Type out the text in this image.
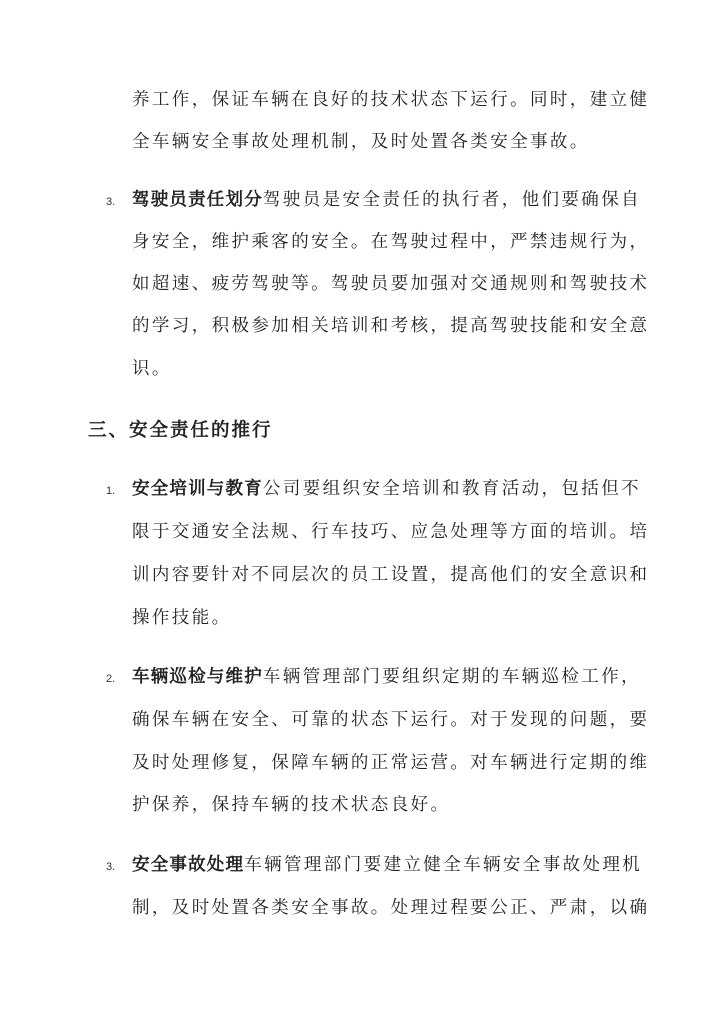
养工作，保证车辆在良好的技术状态下运行。同时，建立健
全车辆安全事故处理机制，及时处置各类安全事故。
3. 驾驶员责任划分驾驶员是安全责任的执行者，他们要确保自
身安全，维护乘客的安全。在驾驶过程中，严禁违规行为，
如超速、疲劳驾驶等。驾驶员要加强对交通规则和驾驶技术
的学习，积极参加相关培训和考核，提高驾驶技能和安全意
识。
三、安全责任的推行
1. 安全培训与教育公司要组织安全培训和教育活动，包括但不
限于交通安全法规、行车技巧、应急处理等方面的培训。培
训内容要针对不同层次的员工设置，提高他们的安全意识和
操作技能。
2. 车辆巡检与维护车辆管理部门要组织定期的车辆巡检工作，
确保车辆在安全、可靠的状态下运行。对于发现的问题，要
及时处理修复，保障车辆的正常运营。对车辆进行定期的维
护保养，保持车辆的技术状态良好。
3. 安全事故处理车辆管理部门要建立健全车辆安全事故处理机
制，及时处置各类安全事故。处理过程要公正、严肃，以确
